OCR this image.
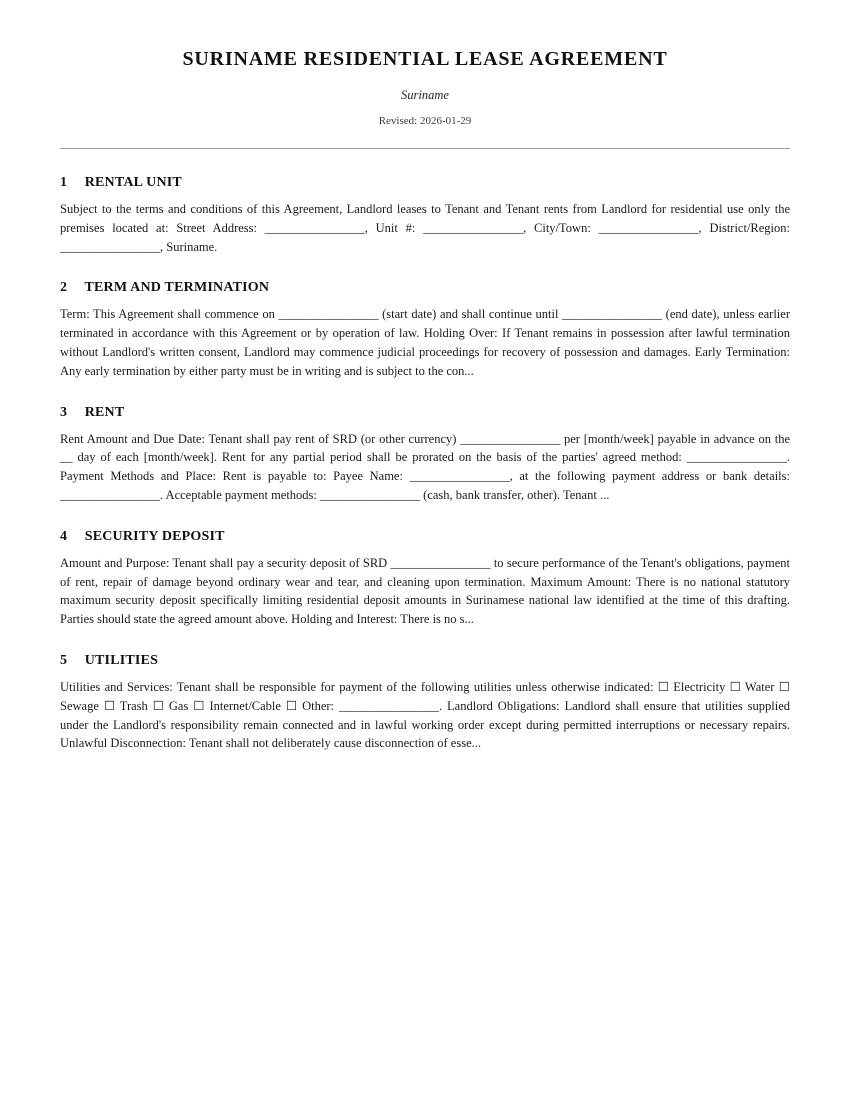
SURINAME RESIDENTIAL LEASE AGREEMENT
Suriname
Revised: 2026-01-29
1 RENTAL UNIT

Subject to the terms and conditions of this Agreement, Landlord leases to Tenant and Tenant rents from Landlord for residential use only the premises located at: Street Address: ________________, Unit #: ________________, City/Town: ________________, District/Region: ________________, Suriname.

2 TERM AND TERMINATION

Term: This Agreement shall commence on ________________ (start date) and shall continue until ________________ (end date), unless earlier terminated in accordance with this Agreement or by operation of law. Holding Over: If Tenant remains in possession after lawful termination without Landlord's written consent, Landlord may commence judicial proceedings for recovery of possession and damages. Early Termination: Any early termination by either party must be in writing and is subject to the con...

3 RENT

Rent Amount and Due Date: Tenant shall pay rent of SRD (or other currency) ________________ per [month/week] payable in advance on the __ day of each [month/week]. Rent for any partial period shall be prorated on the basis of the parties' agreed method: ________________. Payment Methods and Place: Rent is payable to: Payee Name: ________________, at the following payment address or bank details: ________________. Acceptable payment methods: ________________ (cash, bank transfer, other). Tenant ...

4 SECURITY DEPOSIT

Amount and Purpose: Tenant shall pay a security deposit of SRD ________________ to secure performance of the Tenant's obligations, payment of rent, repair of damage beyond ordinary wear and tear, and cleaning upon termination. Maximum Amount: There is no national statutory maximum security deposit specifically limiting residential deposit amounts in Surinamese national law identified at the time of this drafting. Parties should state the agreed amount above. Holding and Interest: There is no s...

5 UTILITIES

Utilities and Services: Tenant shall be responsible for payment of the following utilities unless otherwise indicated: ☐ Electricity ☐ Water ☐ Sewage ☐ Trash ☐ Gas ☐ Internet/Cable ☐ Other: ________________. Landlord Obligations: Landlord shall ensure that utilities supplied under the Landlord's responsibility remain connected and in lawful working order except during permitted interruptions or necessary repairs. Unlawful Disconnection: Tenant shall not deliberately cause disconnection of esse...
